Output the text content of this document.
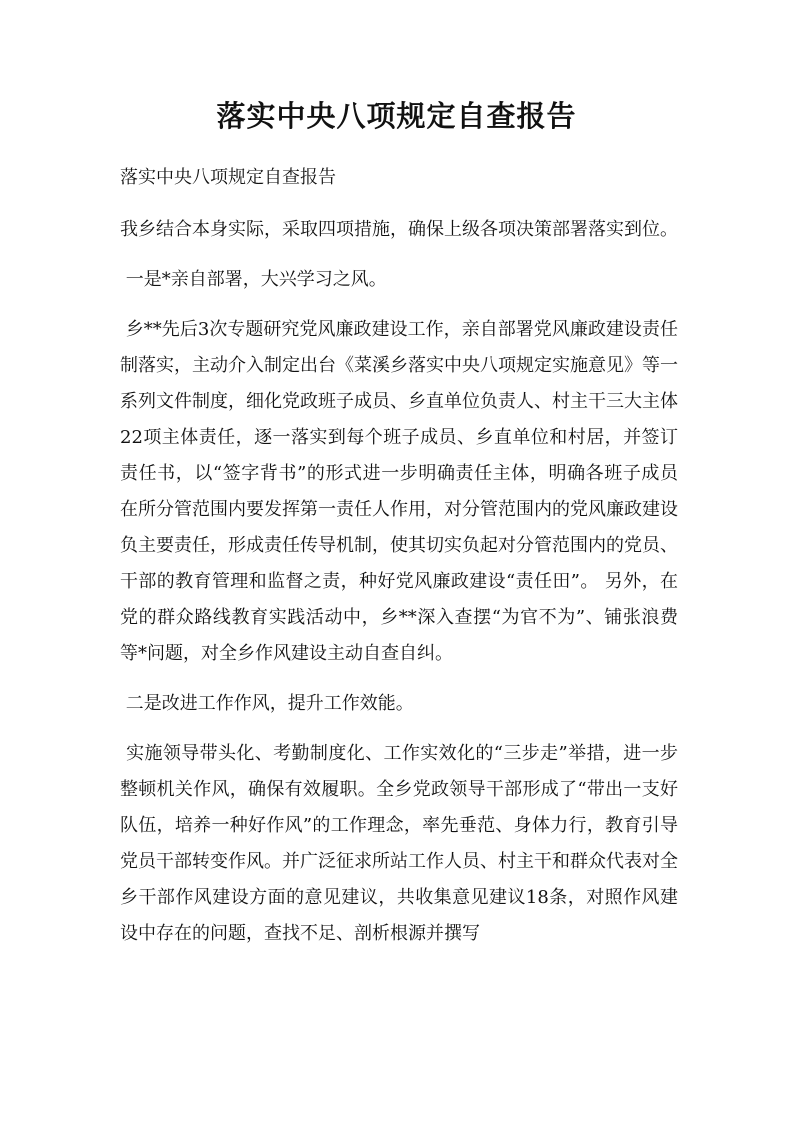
落实中央八项规定自查报告

落实中央八项规定自查报告

我乡结合本身实际，采取四项措施，确保上级各项决策部署落实到位。

一是*亲自部署，大兴学习之风。

乡**先后3次专题研究党风廉政建设工作，亲自部署党风廉政建设责任制落实，主动介入制定出台《菜溪乡落实中央八项规定实施意见》等一系列文件制度，细化党政班子成员、乡直单位负责人、村主干三大主体22项主体责任，逐一落实到每个班子成员、乡直单位和村居，并签订责任书，以“签字背书”的形式进一步明确责任主体，明确各班子成员在所分管范围内要发挥第一责任人作用，对分管范围内的党风廉政建设负主要责任，形成责任传导机制，使其切实负起对分管范围内的党员、干部的教育管理和监督之责，种好党风廉政建设“责任田”。 另外，在党的群众路线教育实践活动中，乡**深入查摆“为官不为”、铺张浪费等*问题，对全乡作风建设主动自查自纠。

二是改进工作作风，提升工作效能。

实施领导带头化、考勤制度化、工作实效化的“三步走”举措，进一步整顿机关作风，确保有效履职。全乡党政领导干部形成了“带出一支好队伍，培养一种好作风”的工作理念，率先垂范、身体力行，教育引导党员干部转变作风。并广泛征求所站工作人员、村主干和群众代表对全乡干部作风建设方面的意见建议，共收集意见建议18条，对照作风建设中存在的问题，查找不足、剖析根源并撰写
